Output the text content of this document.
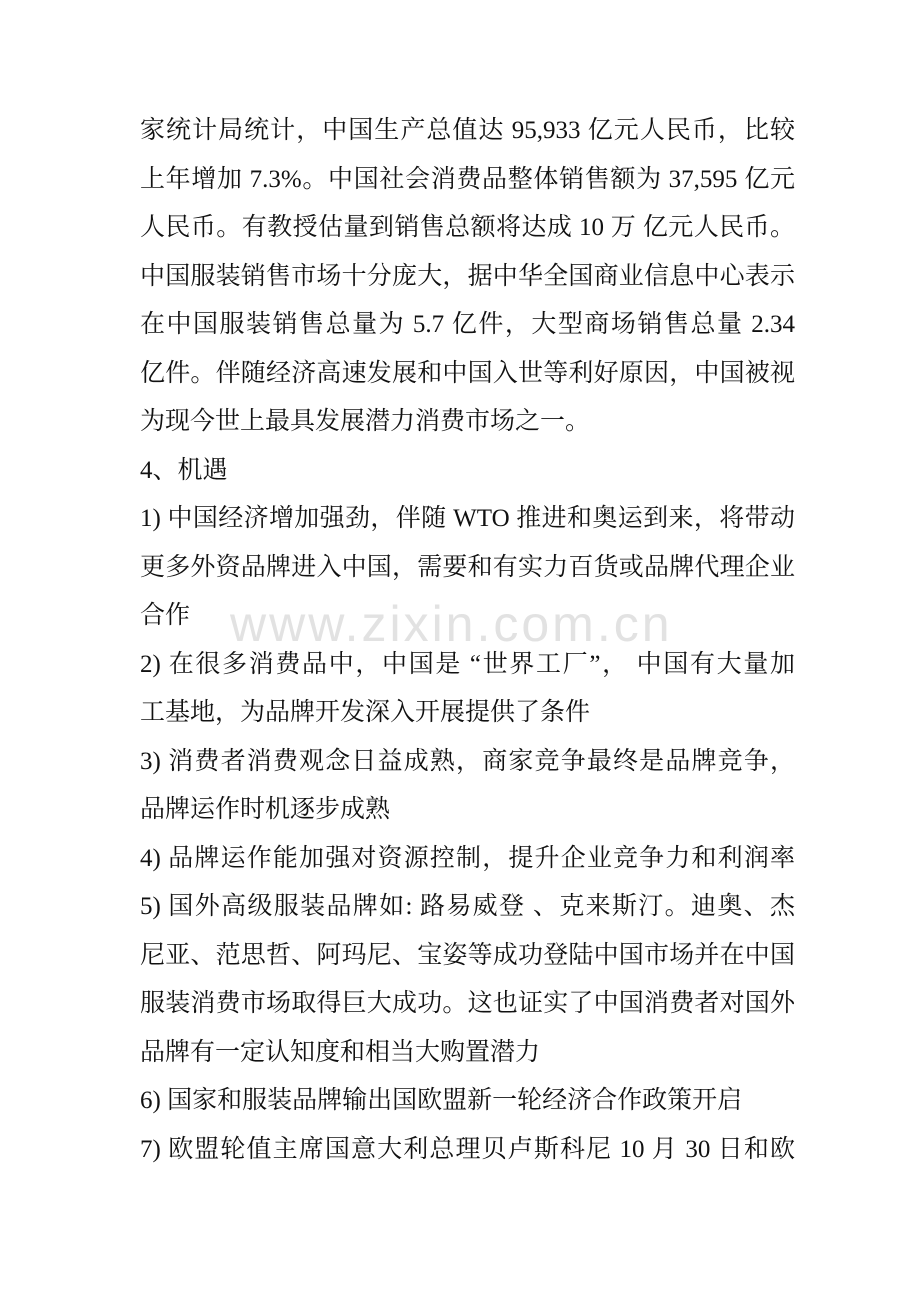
www.zixin.com.cn
家统计局统计，中国生产总值达 95,933 亿元人民币，比较
上年增加 7.3%。中国社会消费品整体销售额为 37,595 亿元
人民币。有教授估量到销售总额将达成 10 万 亿元人民币。
中国服装销售市场十分庞大，据中华全国商业信息中心表示
在中国服装销售总量为 5.7 亿件，大型商场销售总量 2.34
亿件。伴随经济高速发展和中国入世等利好原因，中国被视
为现今世上最具发展潜力消费市场之一。
4、机遇
1) 中国经济增加强劲，伴随 WTO 推进和奥运到来，将带动
更多外资品牌进入中国，需要和有实力百货或品牌代理企业
合作
2) 在很多消费品中，中国是 “世界工厂”， 中国有大量加
工基地，为品牌开发深入开展提供了条件
3) 消费者消费观念日益成熟，商家竞争最终是品牌竞争，
品牌运作时机逐步成熟
4) 品牌运作能加强对资源控制，提升企业竞争力和利润率
5) 国外高级服装品牌如: 路易威登 、克来斯汀。迪奥、杰
尼亚、范思哲、阿玛尼、宝姿等成功登陆中国市场并在中国
服装消费市场取得巨大成功。这也证实了中国消费者对国外
品牌有一定认知度和相当大购置潜力
6) 国家和服装品牌输出国欧盟新一轮经济合作政策开启
7) 欧盟轮值主席国意大利总理贝卢斯科尼 10 月 30 日和欧
